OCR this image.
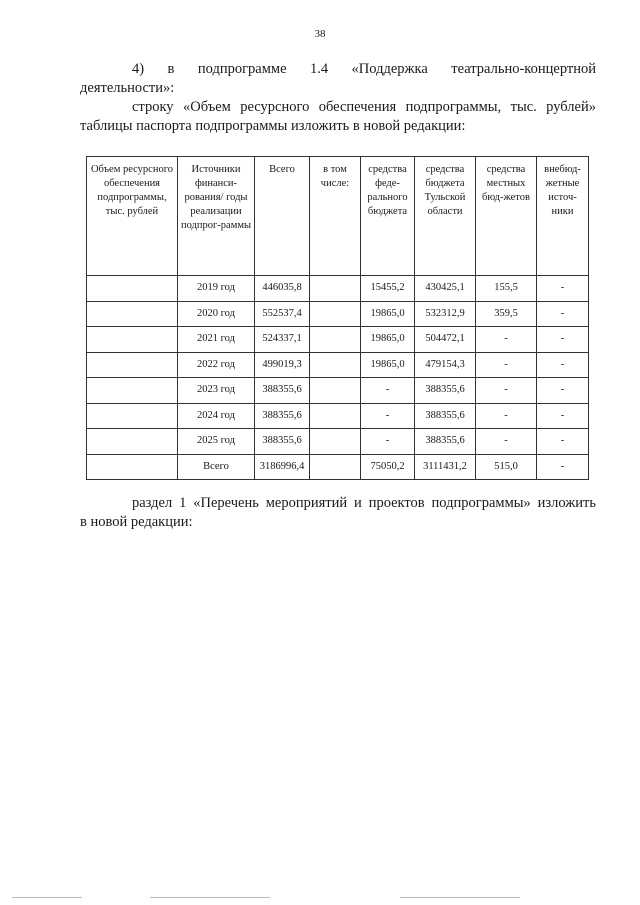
38
4) в подпрограмме 1.4 «Поддержка театрально-концертной
деятельности»:
строку «Объем ресурсного обеспечения подпрограммы, тыс. рублей»
таблицы паспорта подпрограммы изложить в новой редакции:
Объем ресурсного обеспечения подпрограммы, тыс. рублей	Источники финанси-рования/ годы реализации подпрог-раммы	Всего	в том числе:	средства феде-рального бюджета	средства бюджета Тульской области	средства местных бюд-жетов	внебюд-жетные источ-ники
	2019 год	446035,8		15455,2	430425,1	155,5	-
	2020 год	552537,4		19865,0	532312,9	359,5	-
	2021 год	524337,1		19865,0	504472,1	-	-
	2022 год	499019,3		19865,0	479154,3	-	-
	2023 год	388355,6		-	388355,6	-	-
	2024 год	388355,6		-	388355,6	-	-
	2025 год	388355,6		-	388355,6	-	-
	Всего	3186996,4		75050,2	3111431,2	515,0	-
раздел 1 «Перечень мероприятий и проектов подпрограммы» изложить
в новой редакции:
